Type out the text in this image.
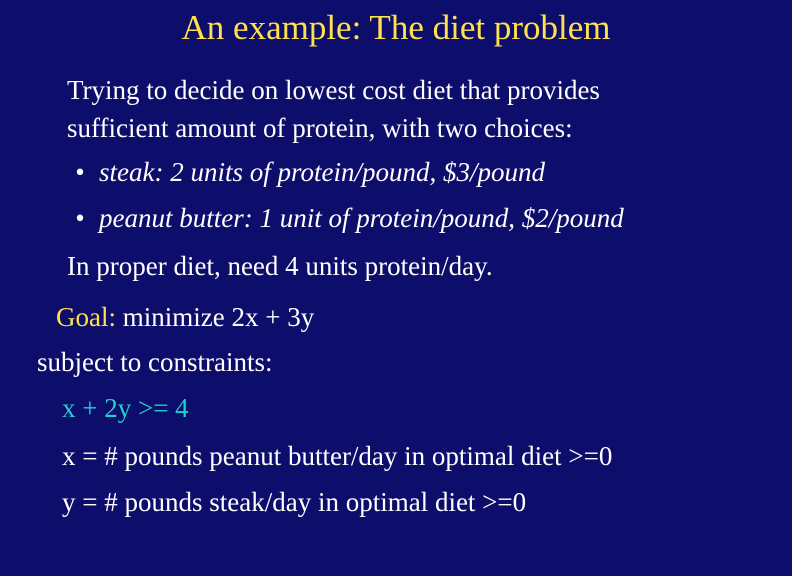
An example: The diet problem
Trying to decide on lowest cost diet that provides
sufficient amount of protein, with two choices:
• steak: 2 units of protein/pound, $3/pound
• peanut butter: 1 unit of protein/pound, $2/pound
In proper diet, need 4 units protein/day.
Goal: minimize 2x + 3y
subject to constraints:
x + 2y >= 4
x = # pounds peanut butter/day in optimal diet >=0
y = # pounds steak/day in optimal diet >=0
